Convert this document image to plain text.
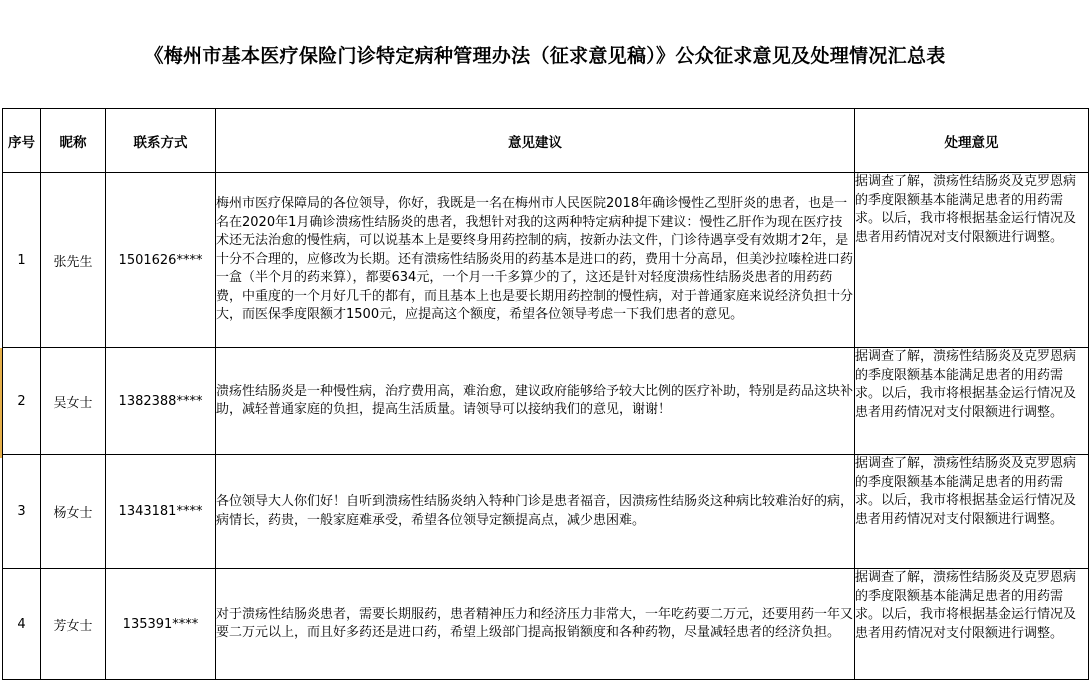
《梅州市基本医疗保险门诊特定病种管理办法（征求意见稿）》公众征求意见及处理情况汇总表
序号	昵称	联系方式	意见建议	处理意见
1	张先生	1501626****	梅州市医疗保障局的各位领导，你好，我既是一名在梅州市人民医院2018年确诊慢性乙型肝炎的患者，也是一名在2020年1月确诊溃疡性结肠炎的患者，我想针对我的这两种特定病种提下建议：慢性乙肝作为现在医疗技术还无法治愈的慢性病，可以说基本上是要终身用药控制的病，按新办法文件，门诊待遇享受有效期才2年，是十分不合理的，应修改为长期。还有溃疡性结肠炎用的药基本是进口的药，费用十分高昂，但美沙拉嗪栓进口药一盒（半个月的药来算），都要634元，一个月一千多算少的了，这还是针对轻度溃疡性结肠炎患者的用药药费，中重度的一个月好几千的都有，而且基本上也是要长期用药控制的慢性病，对于普通家庭来说经济负担十分大，而医保季度限额才1500元，应提高这个额度，希望各位领导考虑一下我们患者的意见。	据调查了解，溃疡性结肠炎及克罗恩病的季度限额基本能满足患者的用药需求。以后，我市将根据基金运行情况及患者用药情况对支付限额进行调整。
2	吴女士	1382388****	溃疡性结肠炎是一种慢性病，治疗费用高，难治愈，建议政府能够给予较大比例的医疗补助，特别是药品这块补助，减轻普通家庭的负担，提高生活质量。请领导可以接纳我们的意见，谢谢！	据调查了解，溃疡性结肠炎及克罗恩病的季度限额基本能满足患者的用药需求。以后，我市将根据基金运行情况及患者用药情况对支付限额进行调整。
3	杨女士	1343181****	各位领导大人你们好！自听到溃疡性结肠炎纳入特种门诊是患者福音，因溃疡性结肠炎这种病比较难治好的病，病情长，药贵，一般家庭难承受，希望各位领导定额提高点，减少患困难。	据调查了解，溃疡性结肠炎及克罗恩病的季度限额基本能满足患者的用药需求。以后，我市将根据基金运行情况及患者用药情况对支付限额进行调整。
4	芳女士	135391****	对于溃疡性结肠炎患者，需要长期服药，患者精神压力和经济压力非常大，一年吃药要二万元，还要用药一年又要二万元以上，而且好多药还是进口药，希望上级部门提高报销额度和各种药物，尽量减轻患者的经济负担。	据调查了解，溃疡性结肠炎及克罗恩病的季度限额基本能满足患者的用药需求。以后，我市将根据基金运行情况及患者用药情况对支付限额进行调整。
